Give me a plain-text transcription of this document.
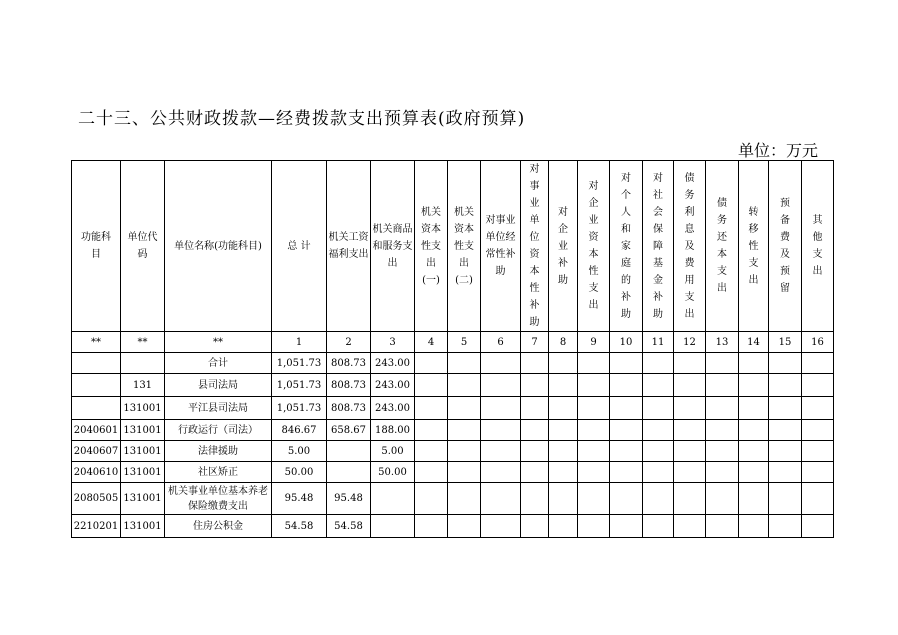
二十三、公共财政拨款—经费拨款支出预算表(政府预算)
单位：万元
功能科目	单位代码	单位名称(功能科目)	总 计	机关工资福利支出	机关商品和服务支出	机关资本性支出(一)	机关资本性支出(二)	对事业单位经常性补助	对事业单位资本性补助	对企业补助	对企业资本性支出	对个人和家庭的补助	对社会保障基金补助	债务利息及费用支出	债务还本支出	转移性支出	预备费及预留	其他支出
**	**	**	1	2	3	4	5	6	7	8	9	10	11	12	13	14	15	16
		合计	1,051.73	808.73	243.00													
	131	县司法局	1,051.73	808.73	243.00													
	131001	平江县司法局	1,051.73	808.73	243.00													
2040601	131001	行政运行（司法）	846.67	658.67	188.00													
2040607	131001	法律援助	5.00		5.00													
2040610	131001	社区矫正	50.00		50.00													
2080505	131001	机关事业单位基本养老保险缴费支出	95.48	95.48														
2210201	131001	住房公积金	54.58	54.58														
